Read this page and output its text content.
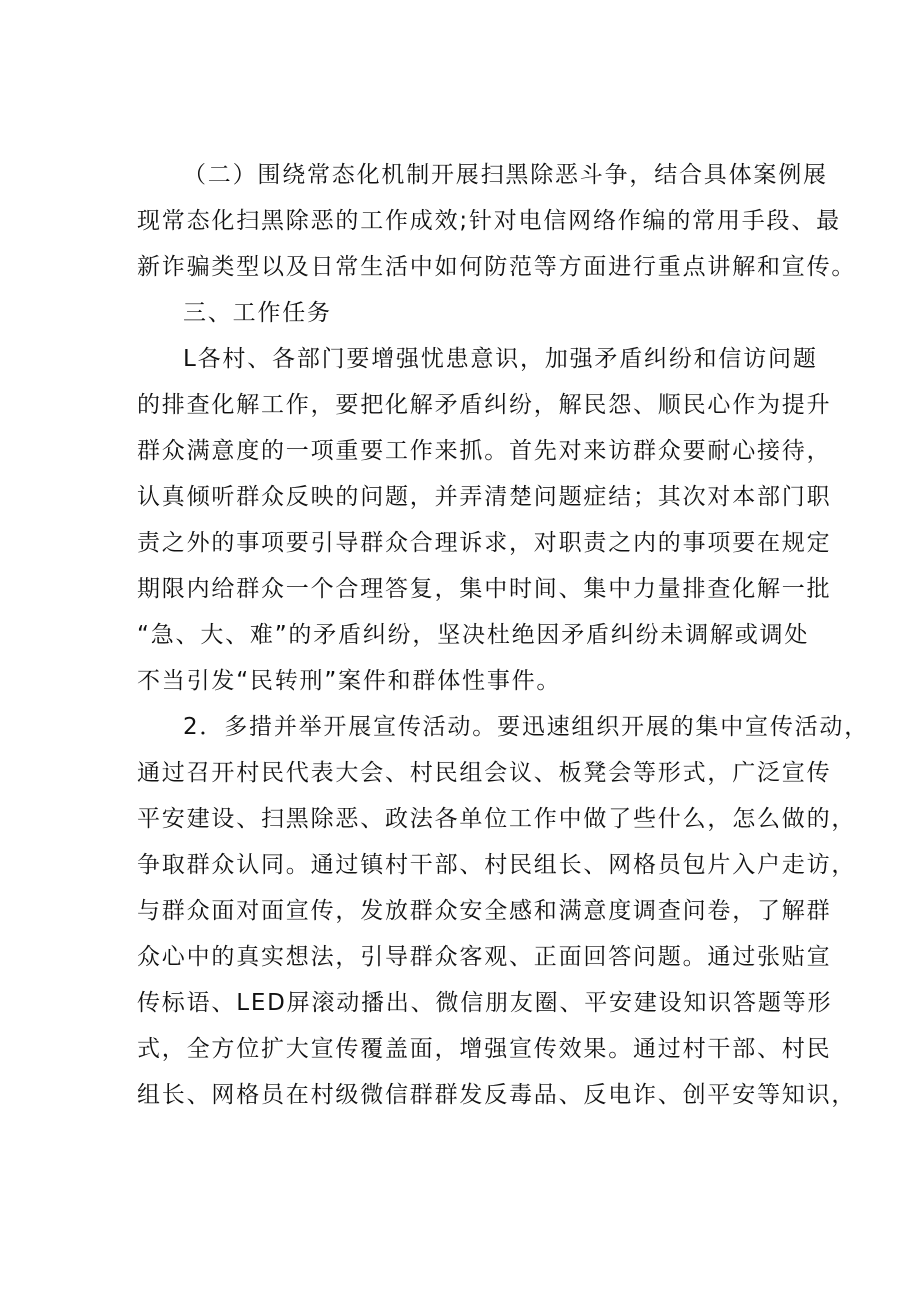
（二）围绕常态化机制开展扫黑除恶斗争，结合具体案例展
现常态化扫黑除恶的工作成效;针对电信网络作编的常用手段、最
新诈骗类型以及日常生活中如何防范等方面进行重点讲解和宣传。
三、工作任务
L各村、各部门要增强忧患意识，加强矛盾纠纷和信访问题
的排查化解工作，要把化解矛盾纠纷，解民怨、顺民心作为提升
群众满意度的一项重要工作来抓。首先对来访群众要耐心接待，
认真倾听群众反映的问题，并弄清楚问题症结；其次对本部门职
责之外的事项要引导群众合理诉求，对职责之内的事项要在规定
期限内给群众一个合理答复，集中时间、集中力量排查化解一批
“急、大、难”的矛盾纠纷，坚决杜绝因矛盾纠纷未调解或调处
不当引发“民转刑”案件和群体性事件。
2．多措并举开展宣传活动。要迅速组织开展的集中宣传活动，
通过召开村民代表大会、村民组会议、板凳会等形式，广泛宣传
平安建设、扫黑除恶、政法各单位工作中做了些什么，怎么做的，
争取群众认同。通过镇村干部、村民组长、网格员包片入户走访，
与群众面对面宣传，发放群众安全感和满意度调查问卷，了解群
众心中的真实想法，引导群众客观、正面回答问题。通过张贴宣
传标语、LED屏滚动播出、微信朋友圈、平安建设知识答题等形
式，全方位扩大宣传覆盖面，增强宣传效果。通过村干部、村民
组长、网格员在村级微信群群发反毒品、反电诈、创平安等知识，
